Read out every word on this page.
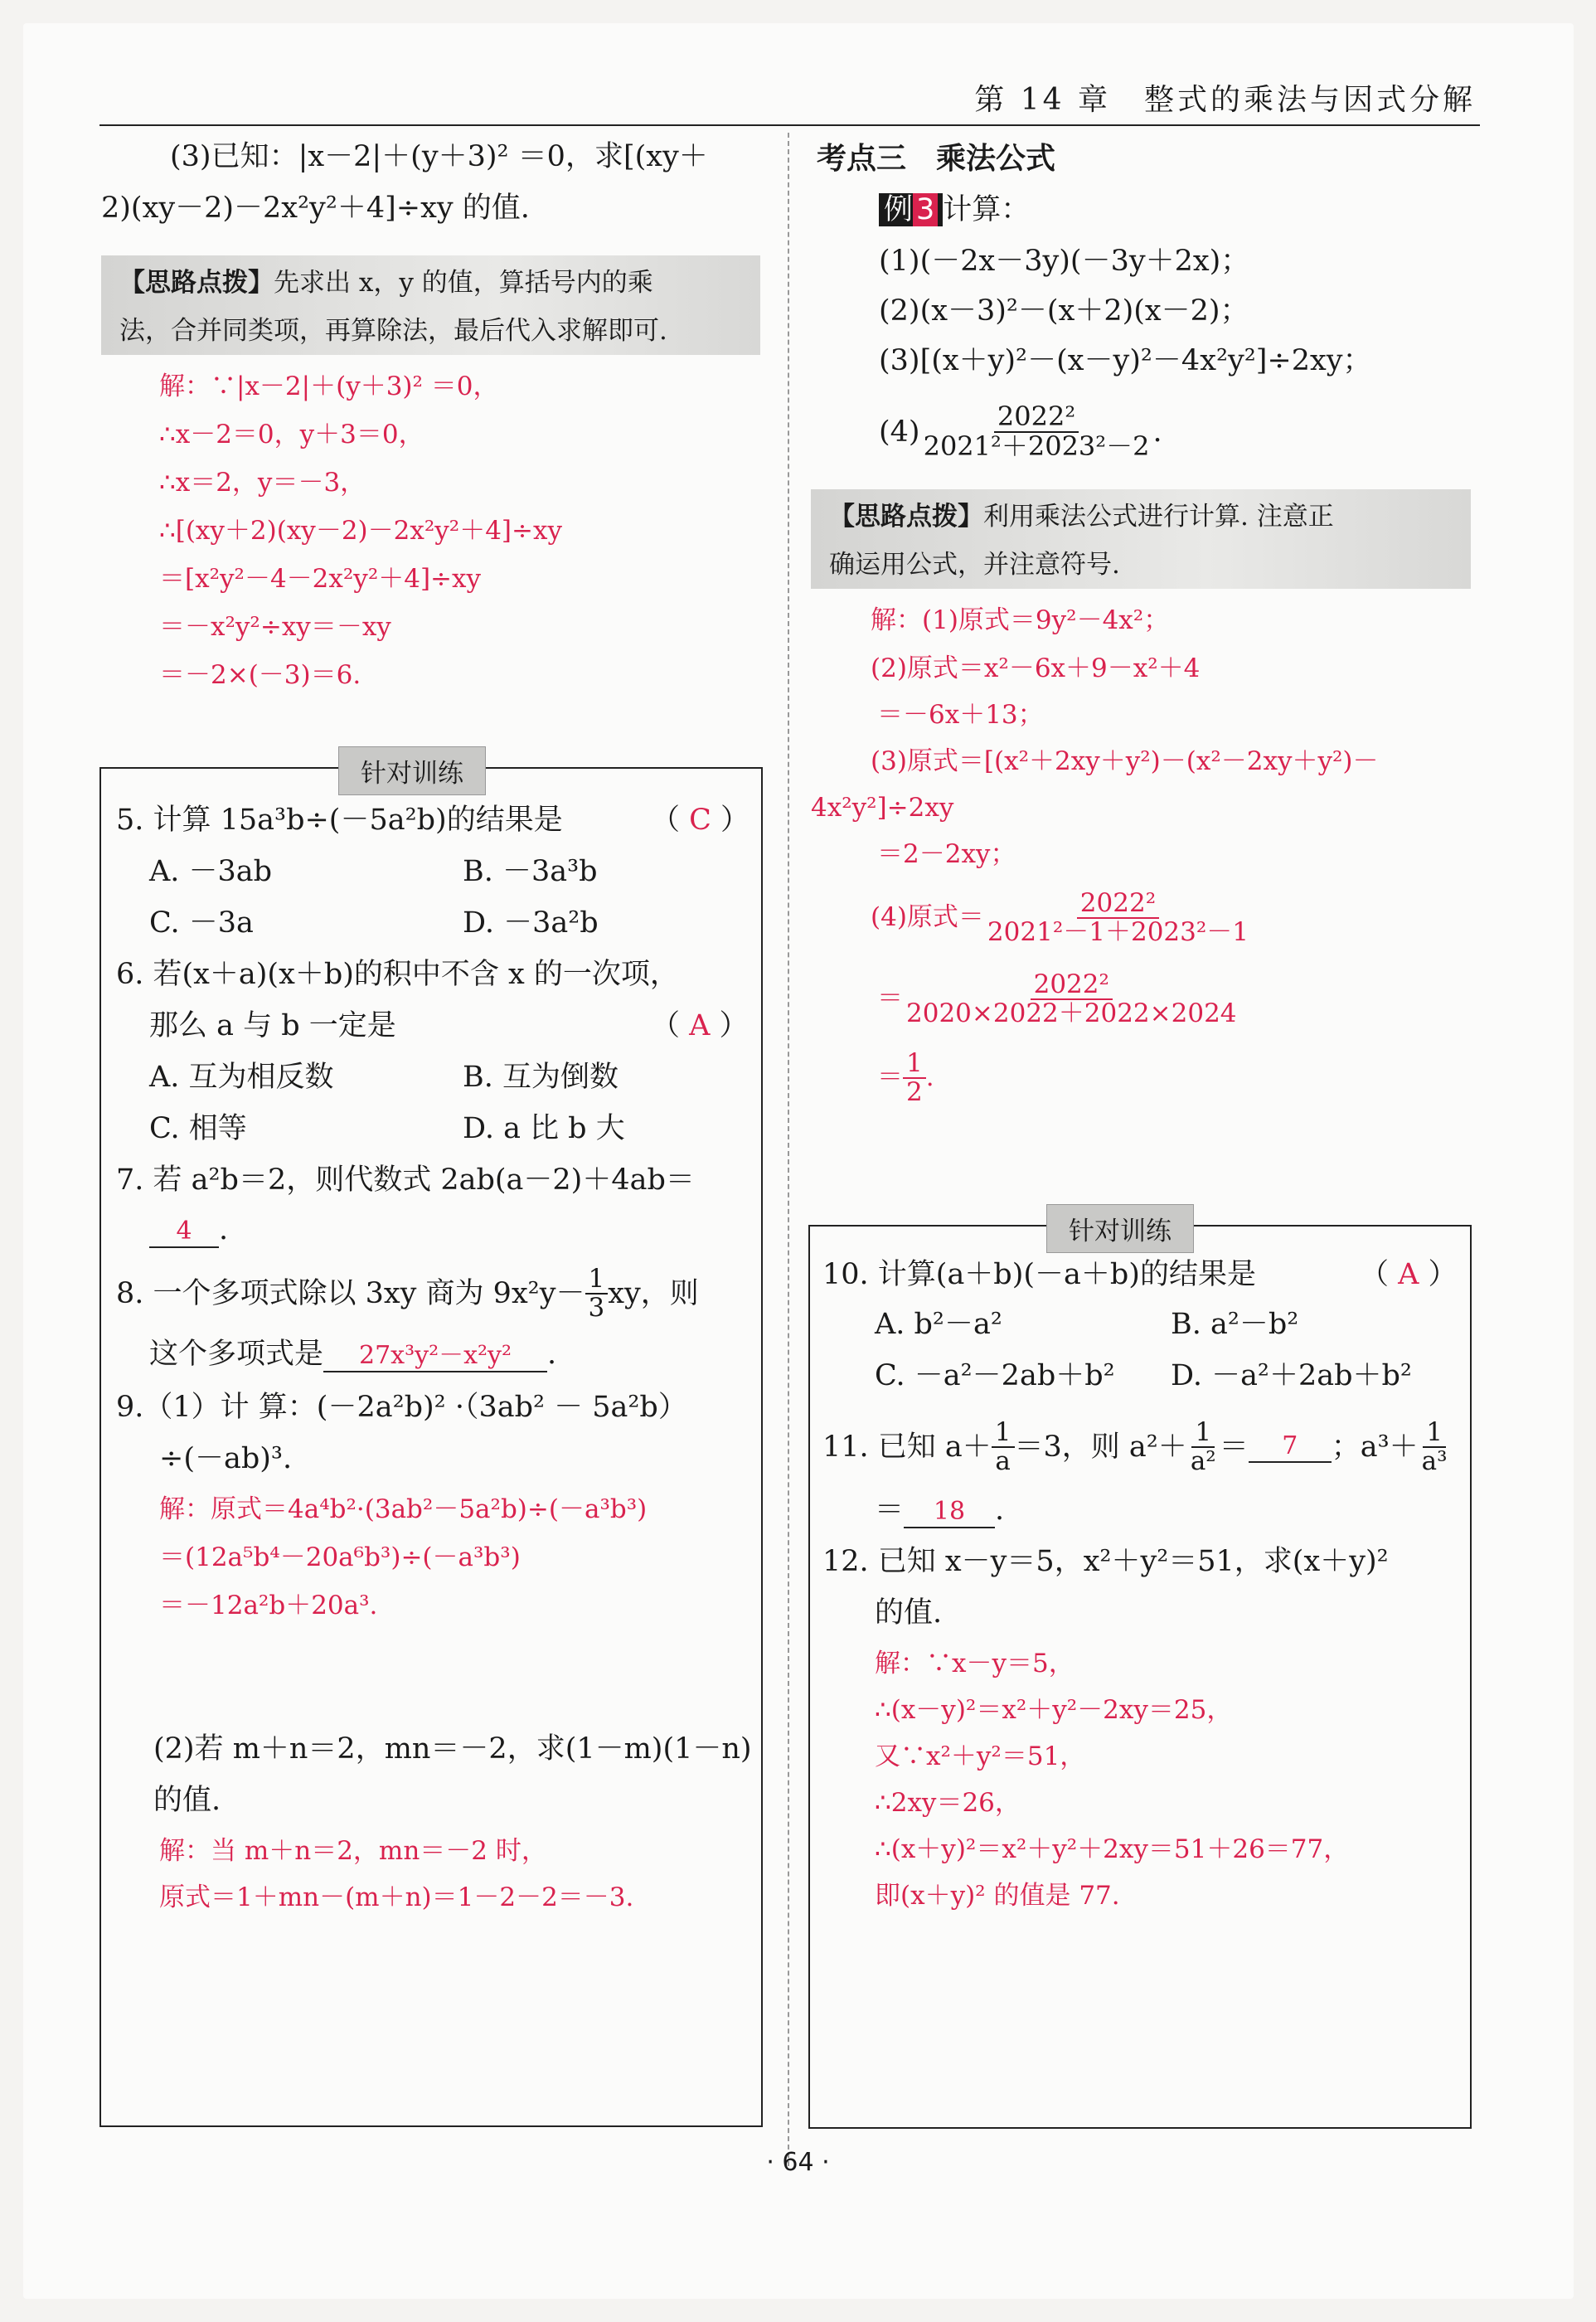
第 14 章　整式的乘法与因式分解
(3)已知：|x－2|＋(y＋3)² ＝0，求[(xy＋
2)(xy－2)－2x²y²＋4]÷xy 的值.
【思路点拨】先求出 x，y 的值，算括号内的乘
法，合并同类项，再算除法，最后代入求解即可.
解：∵|x－2|＋(y＋3)² ＝0，
∴x－2＝0，y＋3＝0，
∴x＝2，y＝－3，
∴[(xy＋2)(xy－2)－2x²y²＋4]÷xy
＝[x²y²－4－2x²y²＋4]÷xy
＝－x²y²÷xy＝－xy
＝－2×(－3)＝6.
针对训练
5. 计算 15a³b÷(－5a²b)的结果是	（ C ）
A. －3ab	B. －3a³b
C. －3a	D. －3a²b
6. 若(x＋a)(x＋b)的积中不含 x 的一次项，
那么 a 与 b 一定是	（ A ）
A. 互为相反数	B. 互为倒数
C. 相等	D. a 比 b 大
7. 若 a²b＝2，则代数式 2ab(a－2)＋4ab＝
4 .
8. 一个多项式除以 3xy 商为 $9x^2y- \frac{1}{3}$ xy，则
这个多项式是 27x³y²－x²y² .
9.（1）计 算：(－2a²b)² ·（3ab² － 5a²b）
÷(－ab)³.
解：原式＝4a⁴b²·(3ab²－5a²b)÷(－a³b³)
＝(12a⁵b⁴－20a⁶b³)÷(－a³b³)
＝－12a²b＋20a³.
(2)若 m＋n＝2，mn＝－2，求(1－m)(1－n)
的值.
解：当 m＋n＝2，mn＝－2 时，
原式＝1＋mn－(m＋n)＝1－2－2＝－3.
考点三　乘法公式
例 3 计算：
(1)(－2x－3y)(－3y＋2x)；
(2)(x－3)²－(x＋2)(x－2)；
(3)[(x＋y)²－(x－y)²－4x²y²]÷2xy；
$(4) \frac{\text{2022²}}{\text{2021²＋2023²－2}}$ .
【思路点拨】利用乘法公式进行计算. 注意正
确运用公式，并注意符号.
解：(1)原式＝9y²－4x²；
(2)原式＝x²－6x＋9－x²＋4
＝－6x＋13；
(3)原式＝[(x²＋2xy＋y²)－(x²－2xy＋y²)－
4x²y²]÷2xy
＝2－2xy；
(4)原式＝ $\frac{\text{2022²}}{\text{2021²－1＋2023²－1}}$
＝ $\frac{\text{2022²}}{2020\times 2022+2022\times 2024}$
＝ $\frac{1}{2}$ .
针对训练
10. 计算(a＋b)(－a＋b)的结果是	（ A ）
A. b²－a²	B. a²－b²
C. －a²－2ab＋b² D. －a²＋2ab＋b²
11. 已知 $a+ \frac{1}{a} =3$，则 $a^2+ \frac{1}{\text{a²}}$ ＝	7	；$a^3+ \frac{1}{\text{a³}}$
＝ 18 .
12. 已知 x－y＝5，x²＋y²＝51，求(x＋y)²
的值.
解：∵x－y＝5，
∴(x－y)²＝x²＋y²－2xy＝25，
又∵x²＋y²＝51，
∴2xy＝26，
∴(x＋y)²＝x²＋y²＋2xy＝51＋26＝77，
即(x＋y)² 的值是 77.
· 64 ·
